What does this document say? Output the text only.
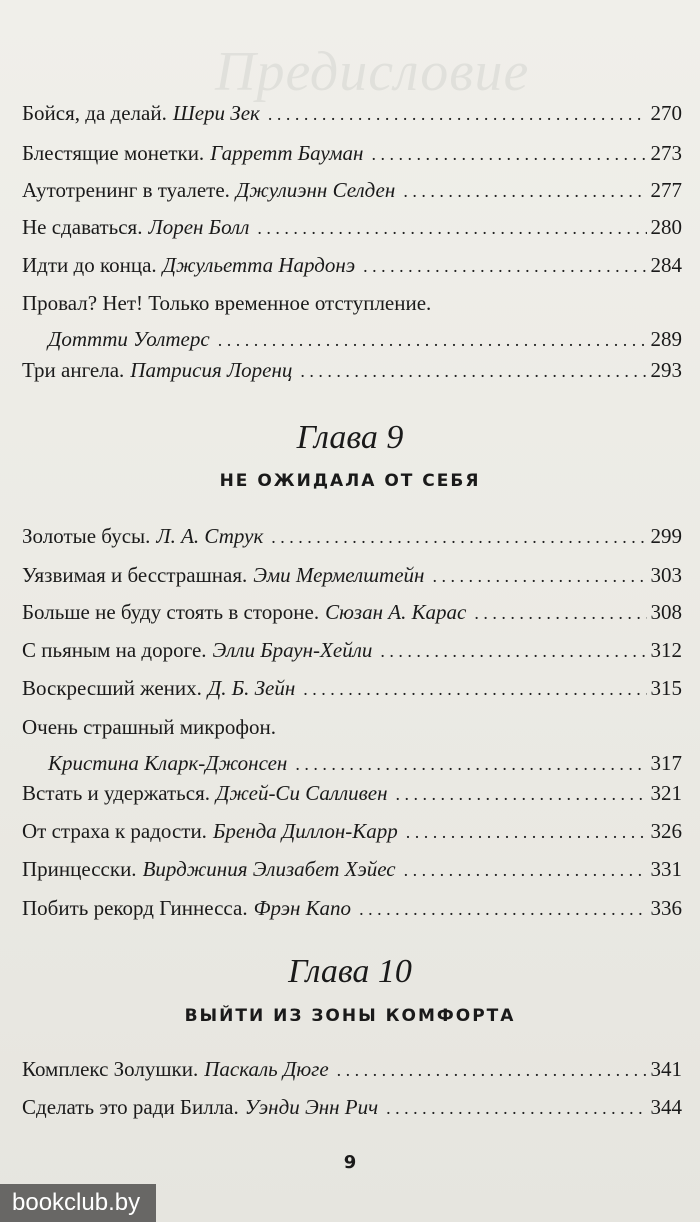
Предисловие
Бойся, да делай. Шери Зек . . .	270
Блестящие монетки. Гарретт Бауман . . .	273
Аутотренинг в туалете. Джулиэнн Селден . . .	277
Не сдаваться. Лорен Болл . . .	280
Идти до конца. Джульетта Нардонэ . . .	284
Провал? Нет! Только временное отступление.
Доттти Уолтерс . . .	289
Три ангела. Патрисия Лоренц . . .	293
Глава 9
НЕ ОЖИДАЛА ОТ СЕБЯ
Золотые бусы. Л. А. Струк . . .	299
Уязвимая и бесстрашная. Эми Мермелштейн . . .	303
Больше не буду стоять в стороне. Сюзан А. Карас . . .	308
С пьяным на дороге. Элли Браун-Хейли . . .	312
Воскресший жених. Д. Б. Зейн . . .	315
Очень страшный микрофон.
Кристина Кларк-Джонсен . . .	317
Встать и удержаться. Джей-Си Салливен . . .	321
От страха к радости. Бренда Диллон-Карр . . .	326
Принцесски. Вирджиния Элизабет Хэйес . . .	331
Побить рекорд Гиннесса. Фрэн Капо . . .	336
Глава 10
ВЫЙТИ ИЗ ЗОНЫ КОМФОРТА
Комплекс Золушки. Паскаль Дюге . . .	341
Сделать это ради Билла. Уэнди Энн Рич . . .	344
9
bookclub.by
